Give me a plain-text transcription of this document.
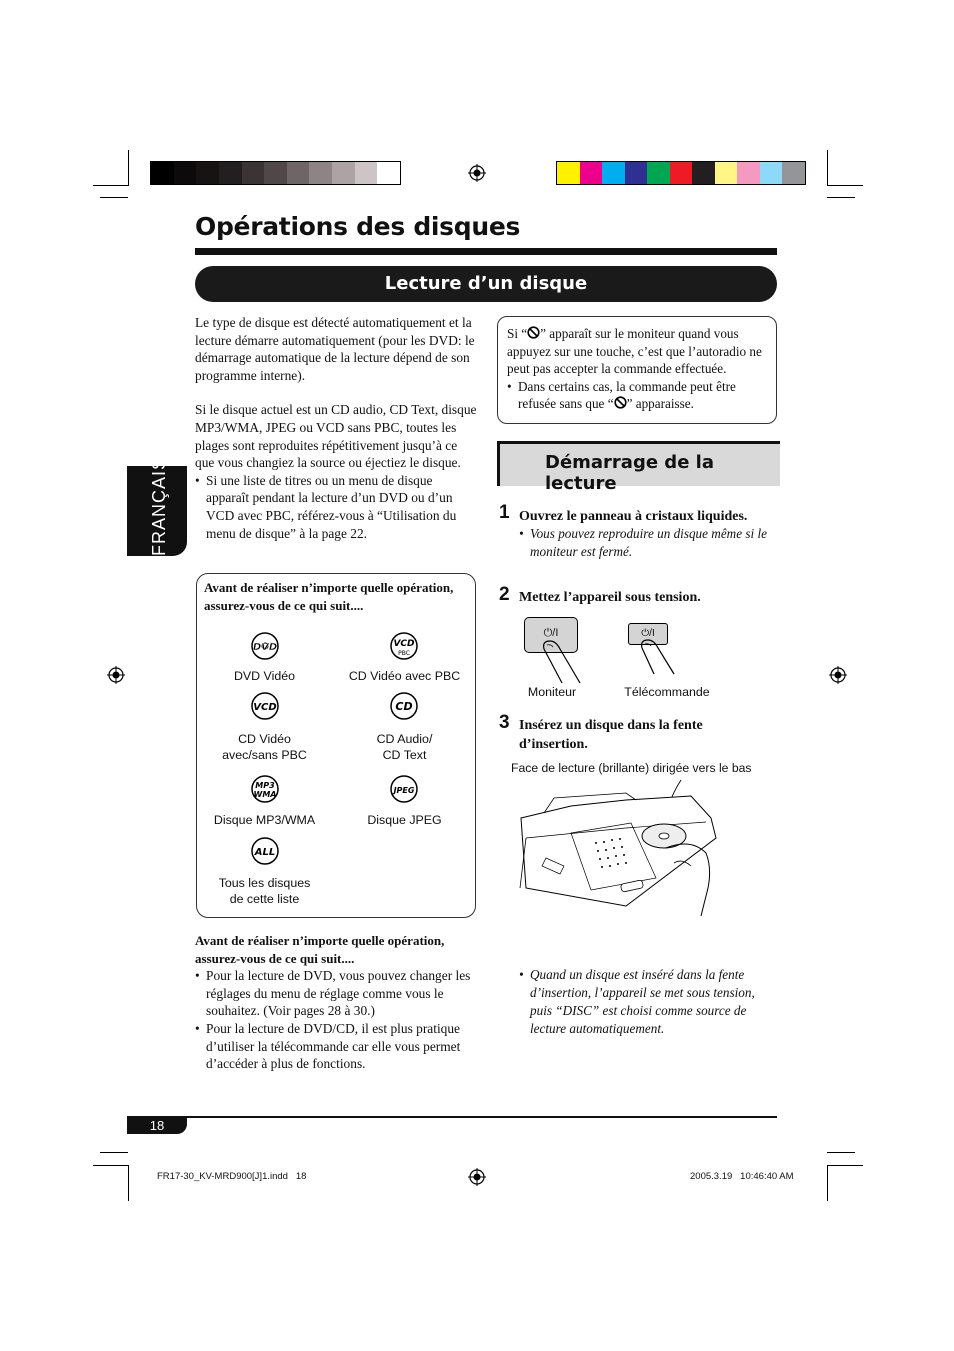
Opérations des disques
Lecture d’un disque
FRANÇAIS
Le type de disque est détecté automatiquement et la lecture démarre automatiquement (pour les DVD: le démarrage automatique de la lecture dépend de son programme interne).
Si le disque actuel est un CD audio, CD Text, disque MP3/WMA, JPEG ou VCD sans PBC, toutes les plages sont reproduites répétitivement jusqu’à ce que vous changiez la source ou éjectiez le disque.
• Si une liste de titres ou un menu de disque apparaît pendant la lecture d’un DVD ou d’un VCD avec PBC, référez-vous à “Utilisation du menu de disque” à la page 22.
Avant de réaliser n’importe quelle opération, assurez-vous de ce qui suit....
DVD
DVD Vidéo
VCD
PBC
CD Vidéo avec PBC
VCD
CD Vidéo
avec/sans PBC
CD
CD Audio/
CD Text
MP3
WMA
Disque MP3/WMA
JPEG
Disque JPEG
ALL
Tous les disques
de cette liste
Avant de réaliser n’importe quelle opération, assurez-vous de ce qui suit....
• Pour la lecture de DVD, vous pouvez changer les réglages du menu de réglage comme vous le souhaitez. (Voir pages 28 à 30.)
• Pour la lecture de DVD/CD, il est plus pratique d’utiliser la télécommande car elle vous permet d’accéder à plus de fonctions.
Si “ ” apparaît sur le moniteur quand vous appuyez sur une touche, c’est que l’autoradio ne peut pas accepter la commande effectuée.
• Dans certains cas, la commande peut être refusée sans que “ ” apparaisse.
Démarrage de la lecture
1 Ouvrez le panneau à cristaux liquides.
• Vous pouvez reproduire un disque même si le moniteur est fermé.
2 Mettez l’appareil sous tension.
⏻/I	⏻/I
Moniteur	Télécommande
3 Insérez un disque dans la fente d’insertion.
Face de lecture (brillante) dirigée vers le bas
• Quand un disque est inséré dans la fente d’insertion, l’appareil se met sous tension, puis “DISC” est choisi comme source de lecture automatiquement.
18
FR17-30_KV-MRD900[J]1.indd   18	2005.3.19   10:46:40 AM
